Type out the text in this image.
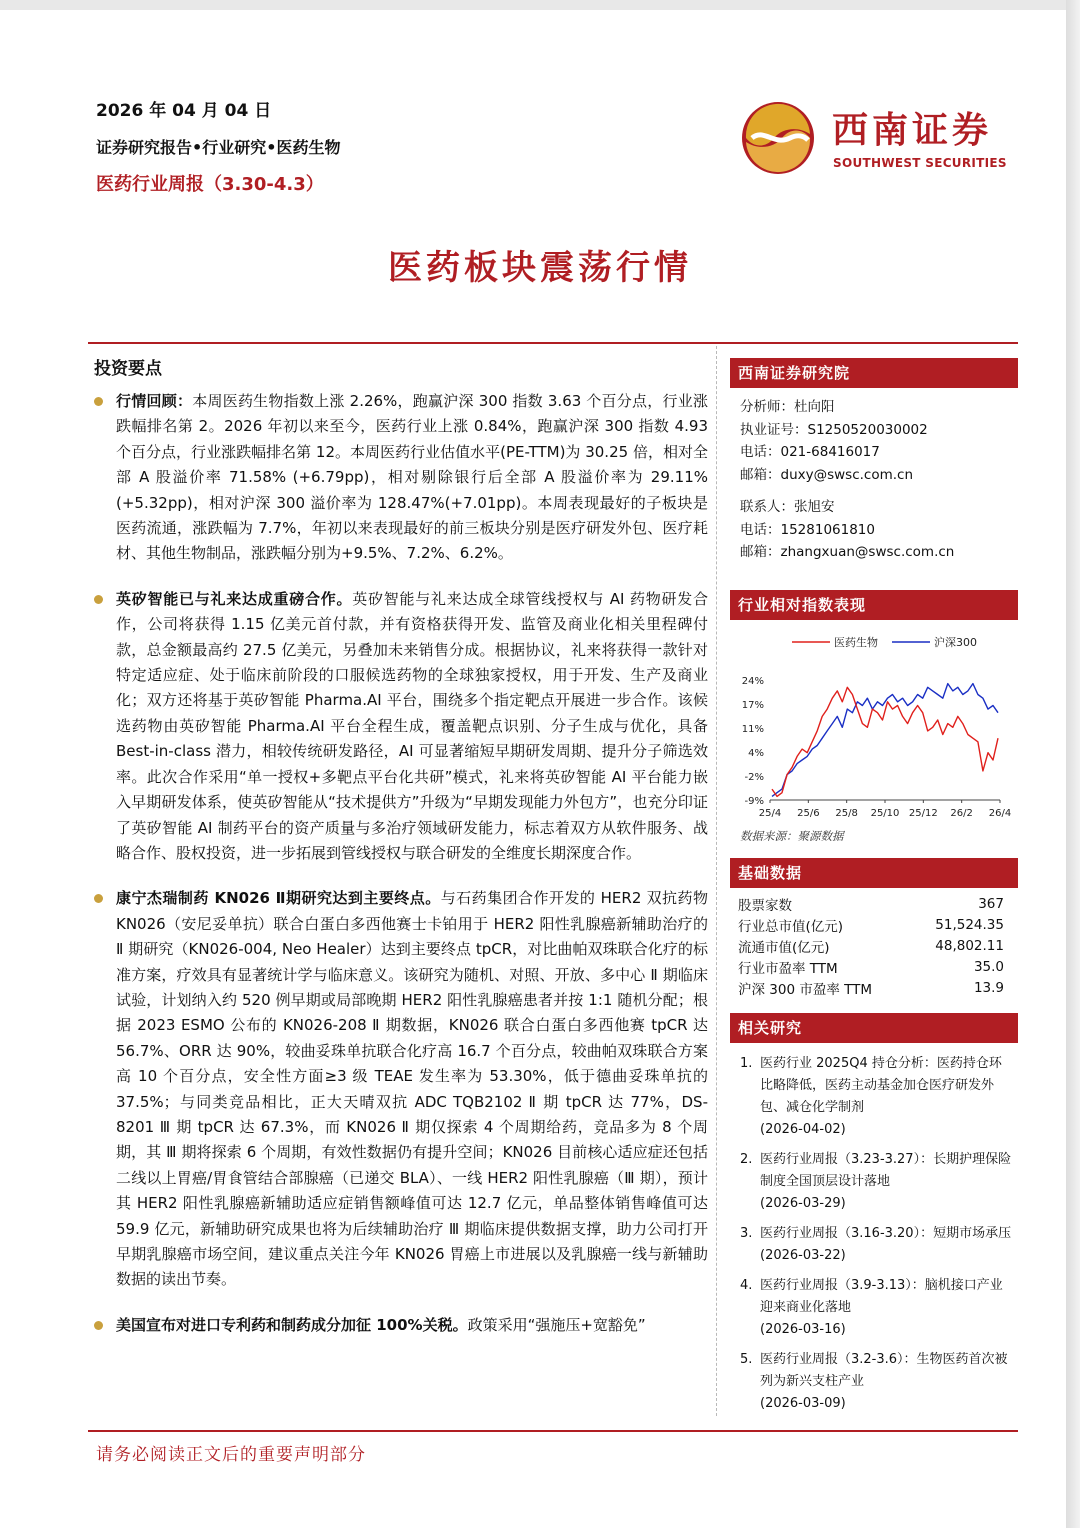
2026 年 04 月 04 日
证券研究报告•行业研究•医药生物
医药行业周报（3.30-4.3）
西南证券
SOUTHWEST SECURITIES
医药板块震荡行情
投资要点
行情回顾：本周医药生物指数上涨 2.26%，跑赢沪深 300 指数 3.63 个百分点，行业涨跌幅排名第 2。2026 年初以来至今，医药行业上涨 0.84%，跑赢沪深 300 指数 4.93 个百分点，行业涨跌幅排名第 12。本周医药行业估值水平(PE-TTM)为 30.25 倍，相对全部 A 股溢价率 71.58% (+6.79pp)，相对剔除银行后全部 A 股溢价率为 29.11%(+5.32pp)，相对沪深 300 溢价率为 128.47%(+7.01pp)。本周表现最好的子板块是医药流通，涨跌幅为 7.7%，年初以来表现最好的前三板块分别是医疗研发外包、医疗耗材、其他生物制品，涨跌幅分别为+9.5%、7.2%、6.2%。
英矽智能已与礼来达成重磅合作。英矽智能与礼来达成全球管线授权与 AI 药物研发合作，公司将获得 1.15 亿美元首付款，并有资格获得开发、监管及商业化相关里程碑付款，总金额最高约 27.5 亿美元，另叠加未来销售分成。根据协议，礼来将获得一款针对特定适应症、处于临床前阶段的口服候选药物的全球独家授权，用于开发、生产及商业化；双方还将基于英矽智能 Pharma.AI 平台，围绕多个指定靶点开展进一步合作。该候选药物由英矽智能 Pharma.AI 平台全程生成，覆盖靶点识别、分子生成与优化，具备 Best-in-class 潜力，相较传统研发路径，AI 可显著缩短早期研发周期、提升分子筛选效率。此次合作采用“单一授权+多靶点平台化共研”模式，礼来将英矽智能 AI 平台能力嵌入早期研发体系，使英矽智能从“技术提供方”升级为“早期发现能力外包方”，也充分印证了英矽智能 AI 制药平台的资产质量与多治疗领域研发能力，标志着双方从软件服务、战略合作、股权投资，进一步拓展到管线授权与联合研发的全维度长期深度合作。
康宁杰瑞制药 KN026 Ⅱ期研究达到主要终点。与石药集团合作开发的 HER2 双抗药物 KN026（安尼妥单抗）联合白蛋白多西他赛士卡铂用于 HER2 阳性乳腺癌新辅助治疗的 Ⅱ 期研究（KN026-004, Neo Healer）达到主要终点 tpCR，对比曲帕双珠联合化疗的标准方案，疗效具有显著统计学与临床意义。该研究为随机、对照、开放、多中心 Ⅱ 期临床试验，计划纳入约 520 例早期或局部晚期 HER2 阳性乳腺癌患者并按 1:1 随机分配；根据 2023 ESMO 公布的 KN026-208 Ⅱ 期数据，KN026 联合白蛋白多西他赛 tpCR 达 56.7%、ORR 达 90%，较曲妥珠单抗联合化疗高 16.7 个百分点，较曲帕双珠联合方案高 10 个百分点，安全性方面≥3 级 TEAE 发生率为 53.30%，低于德曲妥珠单抗的 37.5%；与同类竞品相比，正大天晴双抗 ADC TQB2102 Ⅱ 期 tpCR 达 77%，DS-8201 Ⅲ 期 tpCR 达 67.3%，而 KN026 Ⅱ 期仅探索 4 个周期给药，竞品多为 8 个周期，其 Ⅲ 期将探索 6 个周期，有效性数据仍有提升空间；KN026 目前核心适应症还包括二线以上胃癌/胃食管结合部腺癌（已递交 BLA）、一线 HER2 阳性乳腺癌（Ⅲ 期），预计其 HER2 阳性乳腺癌新辅助适应症销售额峰值可达 12.7 亿元，单品整体销售峰值可达 59.9 亿元，新辅助研究成果也将为后续辅助治疗 Ⅲ 期临床提供数据支撑，助力公司打开早期乳腺癌市场空间，建议重点关注今年 KN026 胃癌上市进展以及乳腺癌一线与新辅助数据的读出节奏。
美国宣布对进口专利药和制药成分加征 100%关税。政策采用“强施压+宽豁免”
西南证券研究院
分析师：杜向阳
执业证号：S1250520030002
电话：021-68416017
邮箱：duxy@swsc.com.cn
联系人：张旭安
电话：15281061810
邮箱：zhangxuan@swsc.com.cn
行业相对指数表现
医药生物	沪深300
24%
17%
11%
4%
-2%
-9%
25/4 25/6 25/8 25/10 25/12 26/2 26/4
数据来源：聚源数据
基础数据
股票家数	367
行业总市值(亿元)	51,524.35
流通市值(亿元)	48,802.11
行业市盈率 TTM	35.0
沪深 300 市盈率 TTM	13.9
相关研究
1. 医药行业 2025Q4 持仓分析：医药持仓环比略降低，医药主动基金加仓医疗研发外包、减仓化学制剂
(2026-04-02)
2. 医药行业周报（3.23-3.27）：长期护理保险制度全国顶层设计落地
(2026-03-29)
3. 医药行业周报（3.16-3.20）：短期市场承压
(2026-03-22)
4. 医药行业周报（3.9-3.13）：脑机接口产业迎来商业化落地
(2026-03-16)
5. 医药行业周报（3.2-3.6）：生物医药首次被列为新兴支柱产业
(2026-03-09)
请务必阅读正文后的重要声明部分
